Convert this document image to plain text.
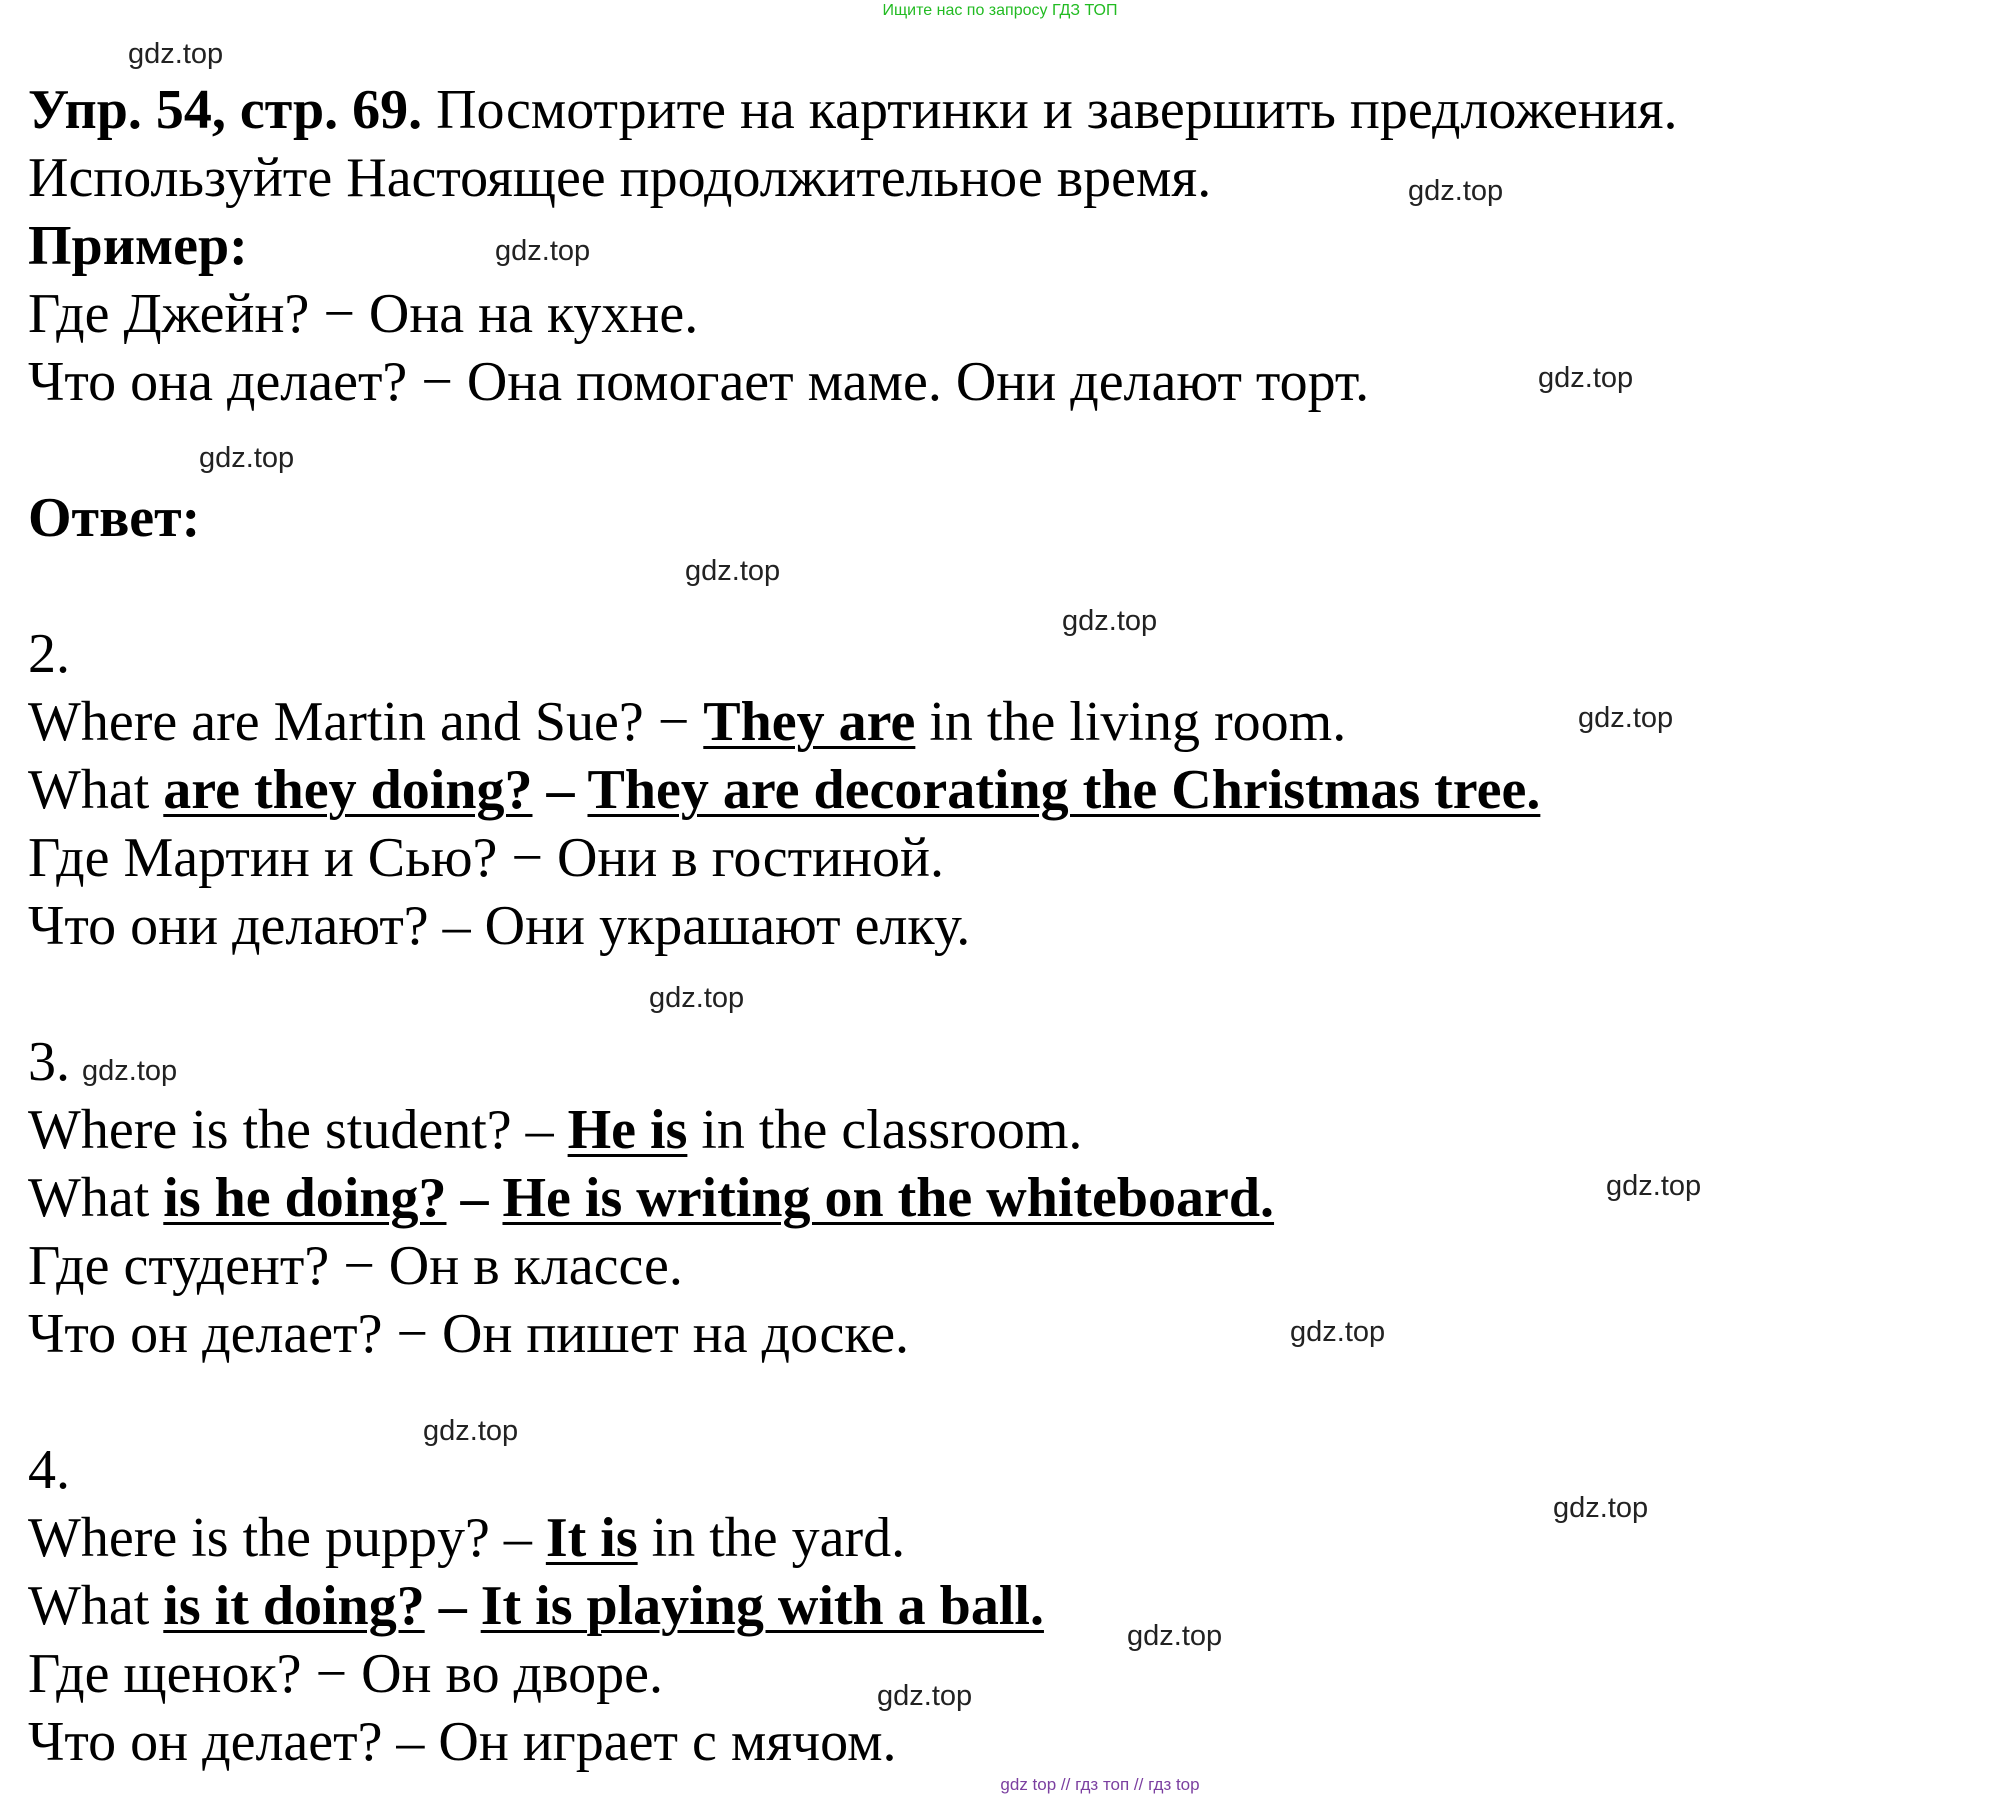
Ищите нас по запросу ГДЗ ТОП
Упр. 54, стр. 69. Посмотрите на картинки и завершить предложения.
Используйте Настоящее продолжительное время.
Пример:
Где Джейн? − Она на кухне.
Что она делает? − Она помогает маме. Они делают торт.
Ответ:
2.
Where are Martin and Sue? − They are in the living room.
What are they doing? – They are decorating the Christmas tree.
Где Мартин и Сью? − Они в гостиной.
Что они делают? – Они украшают елку.
3.
Where is the student? – He is in the classroom.
What is he doing? – He is writing on the whiteboard.
Где студент? − Он в классе.
Что он делает? − Он пишет на доске.
4.
Where is the puppy? – It is in the yard.
What is it doing? – It is playing with a ball.
Где щенок? − Он во дворе.
Что он делает? – Он играет с мячом.
gdz.top
gdz.top
gdz.top
gdz.top
gdz.top
gdz.top
gdz.top
gdz.top
gdz.top
gdz.top
gdz.top
gdz.top
gdz.top
gdz.top
gdz.top
gdz.top
gdz top // гдз топ // гдз top
